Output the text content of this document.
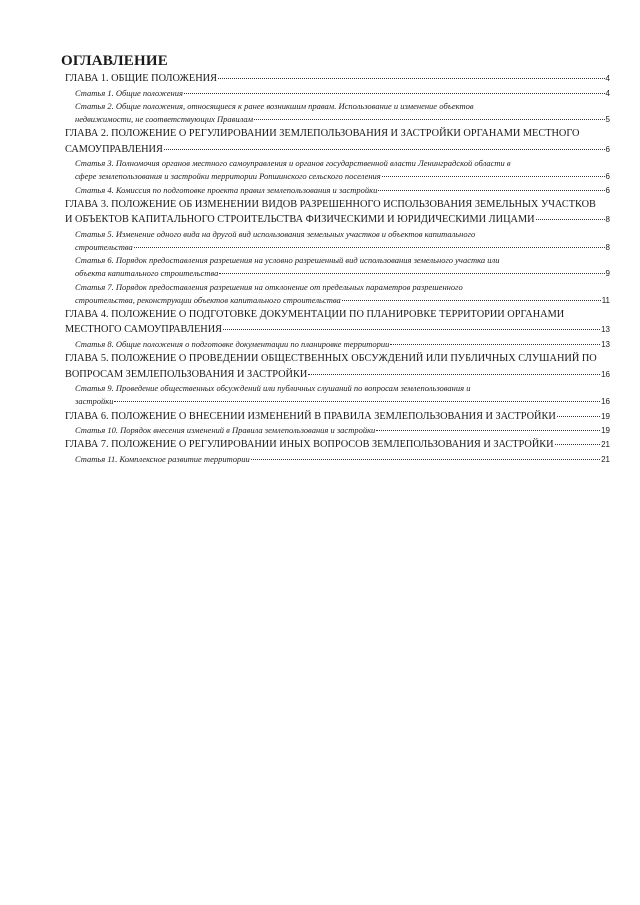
ОГЛАВЛЕНИЕ
ГЛАВА 1. ОБЩИЕ ПОЛОЖЕНИЯ	4
Статья 1. Общие положения	4
Статья 2. Общие положения, относящиеся к ранее возникшим правам. Использование и изменение объектов
недвижимости, не соответствующих Правилам	5
ГЛАВА 2. ПОЛОЖЕНИЕ О РЕГУЛИРОВАНИИ ЗЕМЛЕПОЛЬЗОВАНИЯ И ЗАСТРОЙКИ ОРГАНАМИ МЕСТНОГО
САМОУПРАВЛЕНИЯ	6
Статья 3. Полномочия органов местного самоуправления и органов государственной власти Ленинградской области в
сфере землепользования и застройки территории Ропшинского сельского поселения	6
Статья 4. Комиссия по подготовке проекта правил землепользования и застройки	6
ГЛАВА 3. ПОЛОЖЕНИЕ ОБ ИЗМЕНЕНИИ ВИДОВ РАЗРЕШЕННОГО ИСПОЛЬЗОВАНИЯ ЗЕМЕЛЬНЫХ УЧАСТКОВ
И ОБЪЕКТОВ КАПИТАЛЬНОГО СТРОИТЕЛЬСТВА ФИЗИЧЕСКИМИ И ЮРИДИЧЕСКИМИ ЛИЦАМИ	8
Статья 5. Изменение одного вида на другой вид использования земельных участков и объектов капитального
строительства	8
Статья 6. Порядок предоставления разрешения на условно разрешенный вид использования земельного участка или
объекта капитального строительства	9
Статья 7. Порядок предоставления разрешения на отклонение от предельных параметров разрешенного
строительства, реконструкции объектов капитального строительства	11
ГЛАВА 4. ПОЛОЖЕНИЕ О ПОДГОТОВКЕ ДОКУМЕНТАЦИИ ПО ПЛАНИРОВКЕ ТЕРРИТОРИИ ОРГАНАМИ
МЕСТНОГО САМОУПРАВЛЕНИЯ	13
Статья 8. Общие положения о подготовке документации по планировке территории	13
ГЛАВА 5. ПОЛОЖЕНИЕ О ПРОВЕДЕНИИ ОБЩЕСТВЕННЫХ ОБСУЖДЕНИЙ ИЛИ ПУБЛИЧНЫХ СЛУШАНИЙ ПО
ВОПРОСАМ ЗЕМЛЕПОЛЬЗОВАНИЯ И ЗАСТРОЙКИ	16
Статья 9. Проведение общественных обсуждений или публичных слушаний по вопросам землепользования и
застройки	16
ГЛАВА 6. ПОЛОЖЕНИЕ О ВНЕСЕНИИ ИЗМЕНЕНИЙ В ПРАВИЛА ЗЕМЛЕПОЛЬЗОВАНИЯ И ЗАСТРОЙКИ	19
Статья 10. Порядок внесения изменений в Правила землепользования и застройки	19
ГЛАВА 7. ПОЛОЖЕНИЕ О РЕГУЛИРОВАНИИ ИНЫХ ВОПРОСОВ ЗЕМЛЕПОЛЬЗОВАНИЯ И ЗАСТРОЙКИ	21
Статья 11. Комплексное развитие территории	21
